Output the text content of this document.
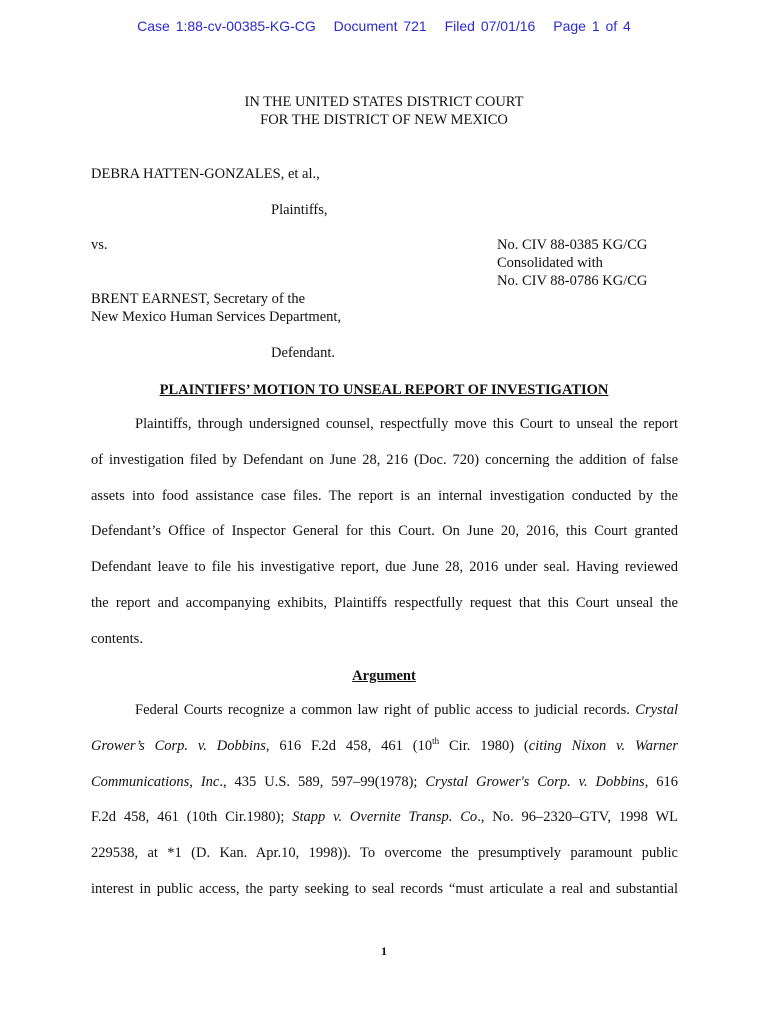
Case 1:88-cv-00385-KG-CG Document 721 Filed 07/01/16 Page 1 of 4
IN THE UNITED STATES DISTRICT COURT
FOR THE DISTRICT OF NEW MEXICO
DEBRA HATTEN-GONZALES, et al.,
Plaintiffs,
vs.	No. CIV 88-0385 KG/CG
Consolidated with
No. CIV 88-0786 KG/CG
BRENT EARNEST, Secretary of the
New Mexico Human Services Department,
Defendant.
PLAINTIFFS’ MOTION TO UNSEAL REPORT OF INVESTIGATION
Plaintiffs, through undersigned counsel, respectfully move this Court to unseal the report
of investigation filed by Defendant on June 28, 216 (Doc. 720) concerning the addition of false
assets into food assistance case files. The report is an internal investigation conducted by the
Defendant’s Office of Inspector General for this Court. On June 20, 2016, this Court granted
Defendant leave to file his investigative report, due June 28, 2016 under seal. Having reviewed
the report and accompanying exhibits, Plaintiffs respectfully request that this Court unseal the
contents.
Argument
Federal Courts recognize a common law right of public access to judicial records. Crystal
Grower’s Corp. v. Dobbins, 616 F.2d 458, 461 (10th Cir. 1980) (citing Nixon v. Warner
Communications, Inc., 435 U.S. 589, 597–99(1978); Crystal Grower's Corp. v. Dobbins, 616
F.2d 458, 461 (10th Cir.1980); Stapp v. Overnite Transp. Co., No. 96–2320–GTV, 1998 WL
229538, at *1 (D. Kan. Apr.10, 1998)). To overcome the presumptively paramount public
interest in public access, the party seeking to seal records “must articulate a real and substantial
1
